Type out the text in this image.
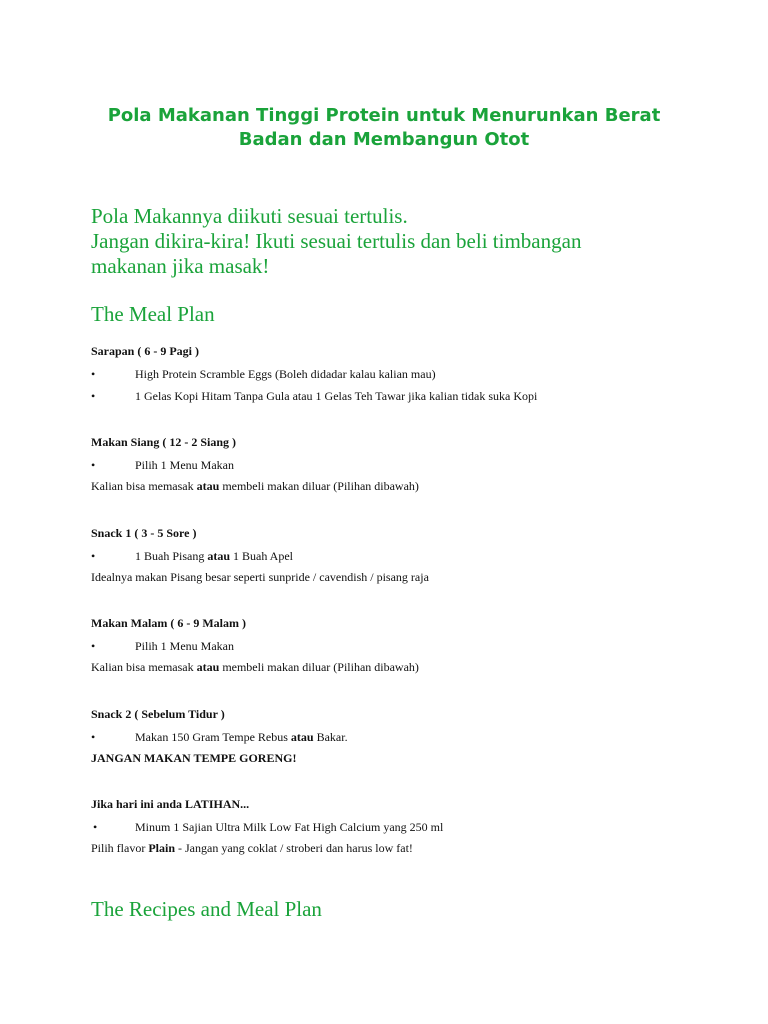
Pola Makanan Tinggi Protein untuk Menurunkan Berat
Badan dan Membangun Otot
Pola Makannya diikuti sesuai tertulis.
Jangan dikira-kira! Ikuti sesuai tertulis dan beli timbangan
makanan jika masak!
The Meal Plan
Sarapan ( 6 - 9 Pagi )
•	High Protein Scramble Eggs (Boleh didadar kalau kalian mau)
•	1 Gelas Kopi Hitam Tanpa Gula atau 1 Gelas Teh Tawar jika kalian tidak suka Kopi
Makan Siang ( 12 - 2 Siang )
•	Pilih 1 Menu Makan
Kalian bisa memasak atau membeli makan diluar (Pilihan dibawah)
Snack 1 ( 3 - 5 Sore )
•	1 Buah Pisang atau 1 Buah Apel
Idealnya makan Pisang besar seperti sunpride / cavendish / pisang raja
Makan Malam ( 6 - 9 Malam )
•	Pilih 1 Menu Makan
Kalian bisa memasak atau membeli makan diluar (Pilihan dibawah)
Snack 2 ( Sebelum Tidur )
•	Makan 150 Gram Tempe Rebus atau Bakar.
JANGAN MAKAN TEMPE GORENG!
Jika hari ini anda LATIHAN...
•	Minum 1 Sajian Ultra Milk Low Fat High Calcium yang 250 ml
Pilih flavor Plain - Jangan yang coklat / stroberi dan harus low fat!
The Recipes and Meal Plan
